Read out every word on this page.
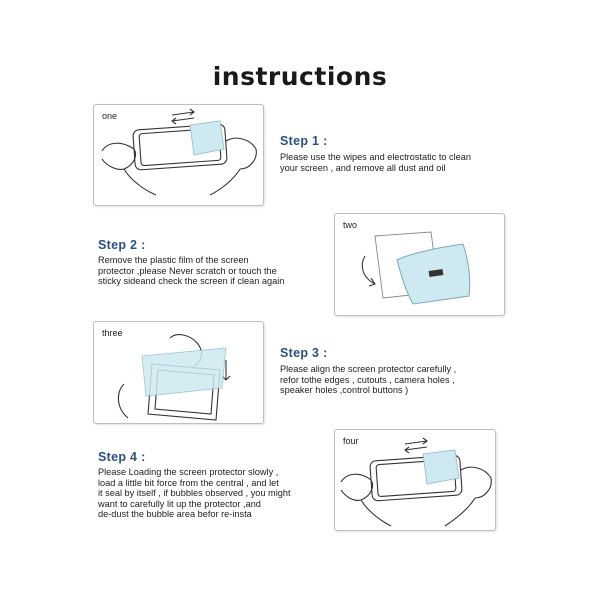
instructions
one
Step 1 :
Please use the wipes and electrostatic to clean
your screen , and remove all dust and oil
two
Step 2 :
Remove the plastic film of the screen
protector ,please Never scratch or touch the
sticky sideand check the screen if clean again
three
Step 3 :
Please align the screen protector carefully ,
refor tothe edges , cutouts , camera holes ,
speaker holes ,control buttons )
four
Step 4 :
Please Loading the screen protector slowly ,
load a little bit force from the central , and let
it seal by itself , if bubbles observed , you might
want to carefully lit up the protector ,and
de-dust the bubble area befor re-insta
